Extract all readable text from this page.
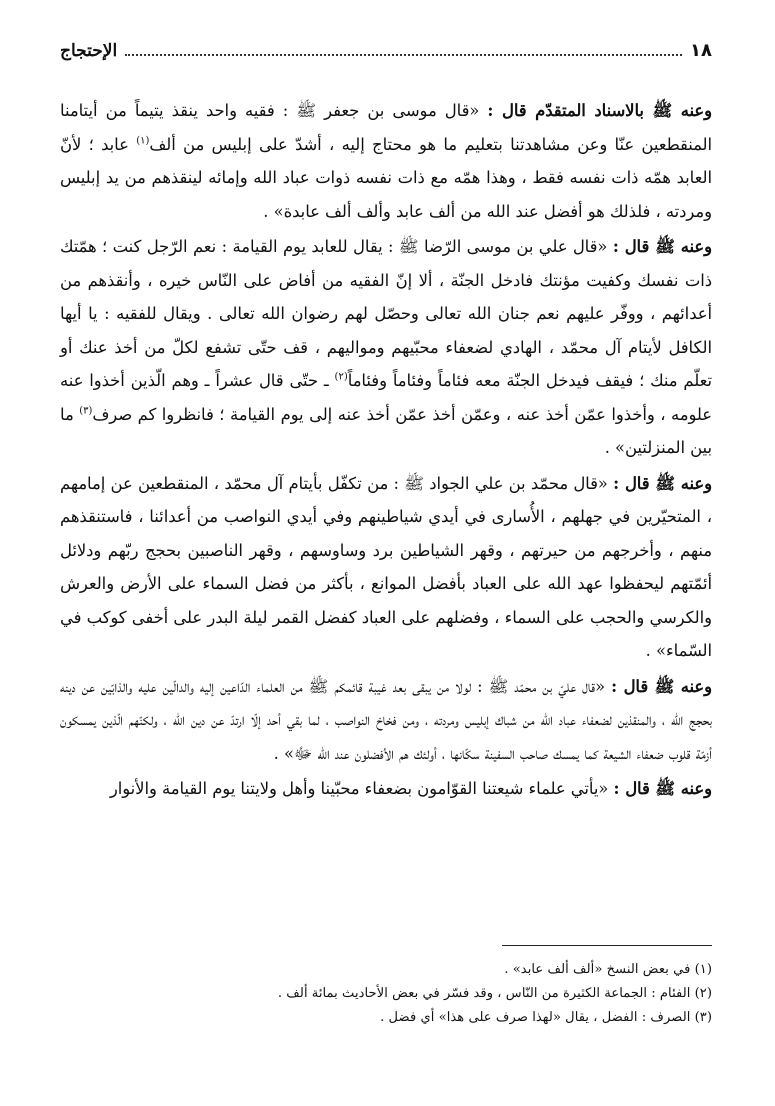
١٨
الإحتجاج

وعنه ﷺ بالاسناد المتقدّم قال : «قال موسى بن جعفر ﷺ : فقيه واحد ينقذ يتيماً من أيتامنا المنقطعين عنّا وعن مشاهدتنا بتعليم ما هو محتاج إليه ، أشدّ على إبليس من ألف$^{(١)}$ عابد ؛ لأنّ العابد همّه ذات نفسه فقط ، وهذا همّه مع ذات نفسه ذوات عباد الله وإمائه لينقذهم من يد إبليس ومردته ، فلذلك هو أفضل عند الله من ألف عابد وألف ألف عابدة» .

وعنه ﷺ قال : «قال علي بن موسى الرّضا ﷺ : يقال للعابد يوم القيامة : نعم الرّجل كنت ؛ همّتك ذات نفسك وكفيت مؤنتك فادخل الجنّة ، ألا إنّ الفقيه من أفاض على النّاس خيره ، وأنقذهم من أعدائهم ، ووفّر عليهم نعم جنان الله تعالى وحصّل لهم رضوان الله تعالى . ويقال للفقيه : يا أيها الكافل لأيتام آل محمّد ، الهادي لضعفاء محبّيهم ومواليهم ، قف حتّى تشفع لكلّ من أخذ عنك أو تعلّم منك ؛ فيقف فيدخل الجنّة معه فئاماً وفئاماً وفئاماً$^{(٢)}$ ـ حتّى قال عشراً ـ وهم الّذين أخذوا عنه علومه ، وأخذوا عمّن أخذ عنه ، وعمّن أخذ عمّن أخذ عنه إلى يوم القيامة ؛ فانظروا كم صرف$^{(٣)}$ ما بين المنزلتين» .

وعنه ﷺ قال : «قال محمّد بن علي الجواد ﷺ : من تكفّل بأيتام آل محمّد ، المنقطعين عن إمامهم ، المتحيّرين في جهلهم ، الأُسارى في أيدي شياطينهم وفي أيدي النواصب من أعدائنا ، فاستنقذهم منهم ، وأخرجهم من حيرتهم ، وقهر الشياطين برد وساوسهم ، وقهر الناصبين بحجج ربّهم ودلائل أئمّتهم ليحفظوا عهد الله على العباد بأفضل الموانع ، بأكثر من فضل السماء على الأرض والعرش والكرسي والحجب على السماء ، وفضلهم على العباد كفضل القمر ليلة البدر على أخفى كوكب في السّماء» .

وعنه ﷺ قال : «قال عليّ بن محمّد ﷺ : لولا من يبقى بعد غيبة قائمكم ﷺ من العلماء الدّاعين إليه والدالّين عليه والذابّين عن دينه بحجج الله ، والمنقذين لضعفاء عباد الله من شباك إبليس ومردته ، ومن فخاخ النواصب ، لما بقي أحد إلّا ارتدّ عن دين الله ، ولكنّهم الّذين يمسكون أزمّة قلوب ضعفاء الشيعة كما يمسك صاحب السفينة سكّانها ، أولئك هم الأفضلون عند الله ﷻ» .

وعنه ﷺ قال : «يأتي علماء شيعتنا القوّامون بضعفاء محبّينا وأهل ولايتنا يوم القيامة والأنوار

(١) في بعض النسخ «ألف ألف عابد» .
(٢) الفئام : الجماعة الكثيرة من النّاس ، وقد فسّر في بعض الأحاديث بمائة ألف .
(٣) الصرف : الفضل ، يقال «لهذا صرف على هذا» أي فضل .
